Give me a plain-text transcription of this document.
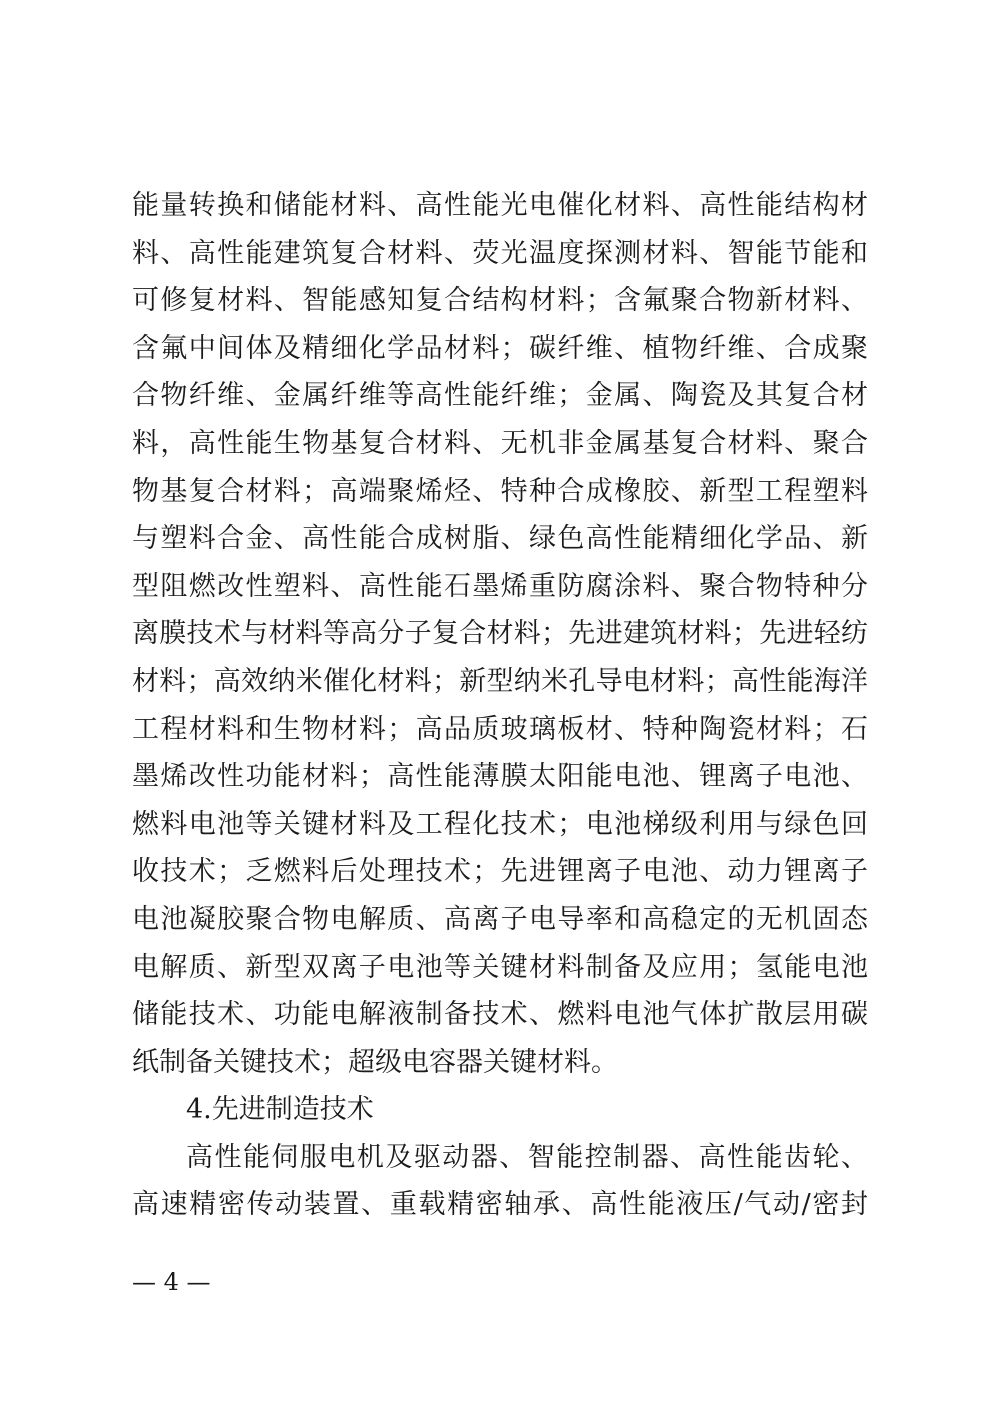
能量转换和储能材料、高性能光电催化材料、高性能结构材
料、高性能建筑复合材料、荧光温度探测材料、智能节能和
可修复材料、智能感知复合结构材料；含氟聚合物新材料、
含氟中间体及精细化学品材料；碳纤维、植物纤维、合成聚
合物纤维、金属纤维等高性能纤维；金属、陶瓷及其复合材
料，高性能生物基复合材料、无机非金属基复合材料、聚合
物基复合材料；高端聚烯烃、特种合成橡胶、新型工程塑料
与塑料合金、高性能合成树脂、绿色高性能精细化学品、新
型阻燃改性塑料、高性能石墨烯重防腐涂料、聚合物特种分
离膜技术与材料等高分子复合材料；先进建筑材料；先进轻纺
材料；高效纳米催化材料；新型纳米孔导电材料；高性能海洋
工程材料和生物材料；高品质玻璃板材、特种陶瓷材料；石
墨烯改性功能材料；高性能薄膜太阳能电池、锂离子电池、
燃料电池等关键材料及工程化技术；电池梯级利用与绿色回
收技术；乏燃料后处理技术；先进锂离子电池、动力锂离子
电池凝胶聚合物电解质、高离子电导率和高稳定的无机固态
电解质、新型双离子电池等关键材料制备及应用；氢能电池
储能技术、功能电解液制备技术、燃料电池气体扩散层用碳
纸制备关键技术；超级电容器关键材料。
4.先进制造技术
高性能伺服电机及驱动器、智能控制器、高性能齿轮、
高速精密传动装置、重载精密轴承、高性能液压/气动/密封
— 4 —
